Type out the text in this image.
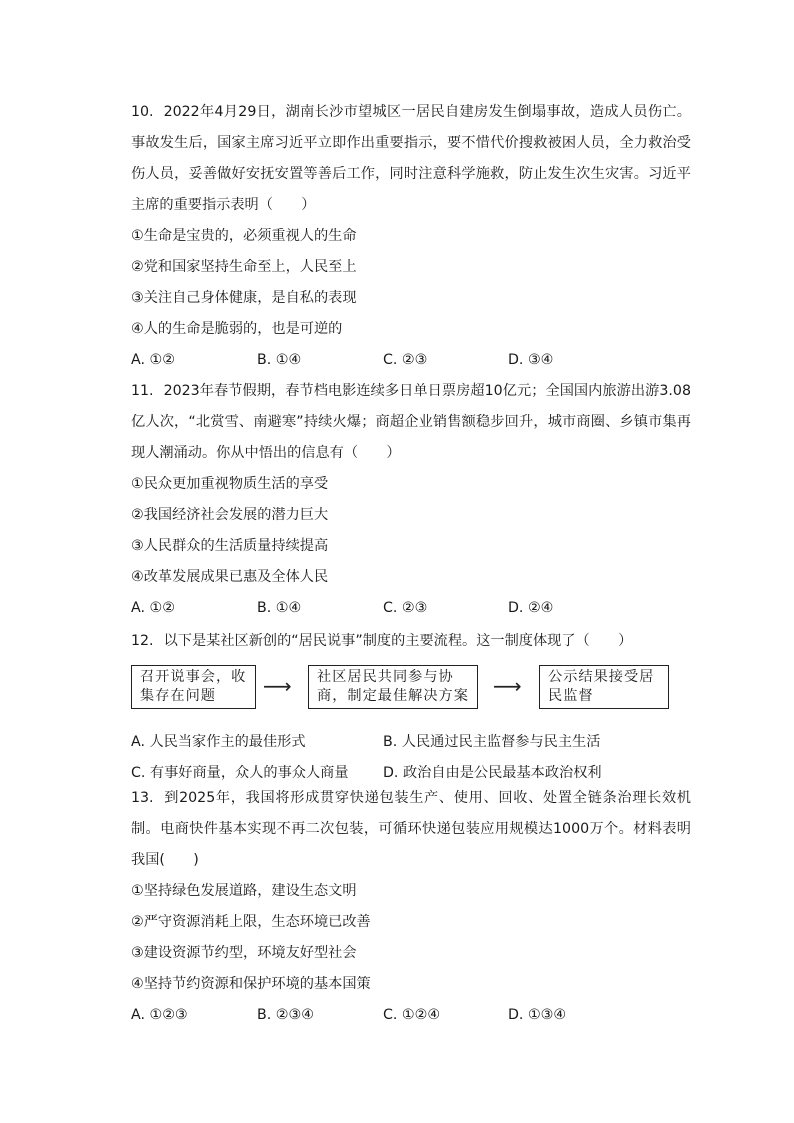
10. 2022年4月29日，湖南长沙市望城区一居民自建房发生倒塌事故，造成人员伤亡。事故发生后，国家主席习近平立即作出重要指示，要不惜代价搜救被困人员，全力救治受伤人员，妥善做好安抚安置等善后工作，同时注意科学施救，防止发生次生灾害。习近平主席的重要指示表明（　　）

①生命是宝贵的，必须重视人的生命
②党和国家坚持生命至上，人民至上
③关注自己身体健康，是自私的表现
④人的生命是脆弱的，也是可逆的
A. ①②	B. ①④	C. ②③	D. ③④

11. 2023年春节假期，春节档电影连续多日单日票房超10亿元；全国国内旅游出游3.08亿人次，“北赏雪、南避寒”持续火爆；商超企业销售额稳步回升，城市商圈、乡镇市集再现人潮涌动。你从中悟出的信息有（　　）

①民众更加重视物质生活的享受
②我国经济社会发展的潜力巨大
③人民群众的生活质量持续提高
④改革发展成果已惠及全体人民
A. ①②	B. ①④	C. ②③	D. ②④

12. 以下是某社区新创的“居民说事”制度的主要流程。这一制度体现了（　　）

召开说事会，收集存在问题	⟶	社区居民共同参与协商，制定最佳解决方案	⟶	公示结果接受居民监督
A. 人民当家作主的最佳形式	B. 人民通过民主监督参与民主生活
C. 有事好商量，众人的事众人商量 D. 政治自由是公民最基本政治权利

13. 到2025年，我国将形成贯穿快递包装生产、使用、回收、处置全链条治理长效机制。电商快件基本实现不再二次包装，可循环快递包装应用规模达1000万个。材料表明我国(　　)

①坚持绿色发展道路，建设生态文明
②严守资源消耗上限，生态环境已改善
③建设资源节约型，环境友好型社会
④坚持节约资源和保护环境的基本国策
A. ①②③	B. ②③④	C. ①②④	D. ①③④
